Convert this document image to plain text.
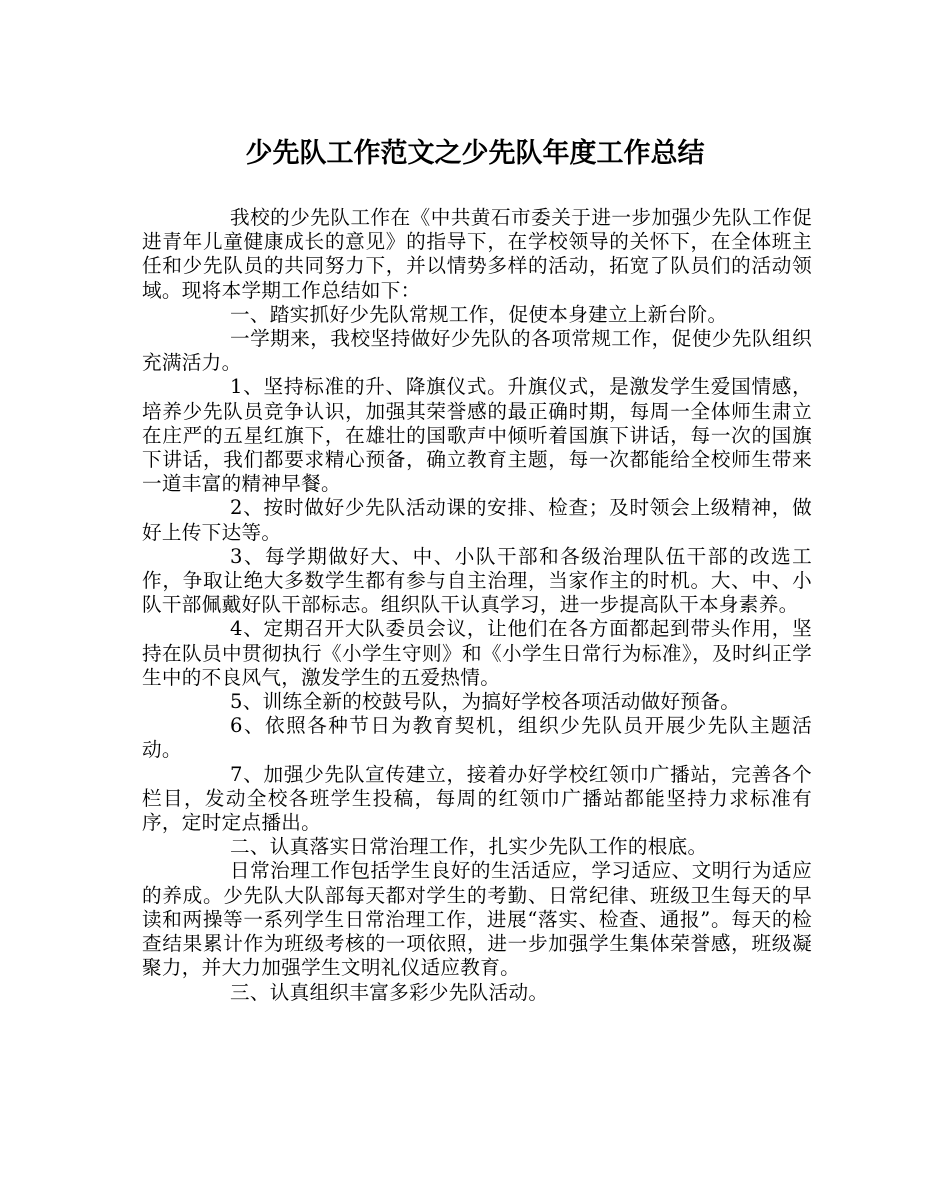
少先队工作范文之少先队年度工作总结

我校的少先队工作在《中共黄石市委关于进一步加强少先队工作促进青年儿童健康成长的意见》的指导下，在学校领导的关怀下，在全体班主任和少先队员的共同努力下，并以情势多样的活动，拓宽了队员们的活动领域。现将本学期工作总结如下：

一、踏实抓好少先队常规工作，促使本身建立上新台阶。

一学期来，我校坚持做好少先队的各项常规工作，促使少先队组织充满活力。

1、坚持标准的升、降旗仪式。升旗仪式，是激发学生爱国情感，培养少先队员竞争认识，加强其荣誉感的最正确时期，每周一全体师生肃立在庄严的五星红旗下，在雄壮的国歌声中倾听着国旗下讲话，每一次的国旗下讲话，我们都要求精心预备，确立教育主题，每一次都能给全校师生带来一道丰富的精神早餐。

2、按时做好少先队活动课的安排、检查；及时领会上级精神，做好上传下达等。

3、每学期做好大、中、小队干部和各级治理队伍干部的改选工作，争取让绝大多数学生都有参与自主治理，当家作主的时机。大、中、小队干部佩戴好队干部标志。组织队干认真学习，进一步提高队干本身素养。

4、定期召开大队委员会议，让他们在各方面都起到带头作用，坚持在队员中贯彻执行《小学生守则》和《小学生日常行为标准》，及时纠正学生中的不良风气，激发学生的五爱热情。

5、训练全新的校鼓号队，为搞好学校各项活动做好预备。

6、依照各种节日为教育契机，组织少先队员开展少先队主题活动。

7、加强少先队宣传建立，接着办好学校红领巾广播站，完善各个栏目，发动全校各班学生投稿，每周的红领巾广播站都能坚持力求标准有序，定时定点播出。

二、认真落实日常治理工作，扎实少先队工作的根底。

日常治理工作包括学生良好的生活适应，学习适应、文明行为适应的养成。少先队大队部每天都对学生的考勤、日常纪律、班级卫生每天的早读和两操等一系列学生日常治理工作，进展“落实、检查、通报”。每天的检查结果累计作为班级考核的一项依照，进一步加强学生集体荣誉感，班级凝聚力，并大力加强学生文明礼仪适应教育。

三、认真组织丰富多彩少先队活动。
